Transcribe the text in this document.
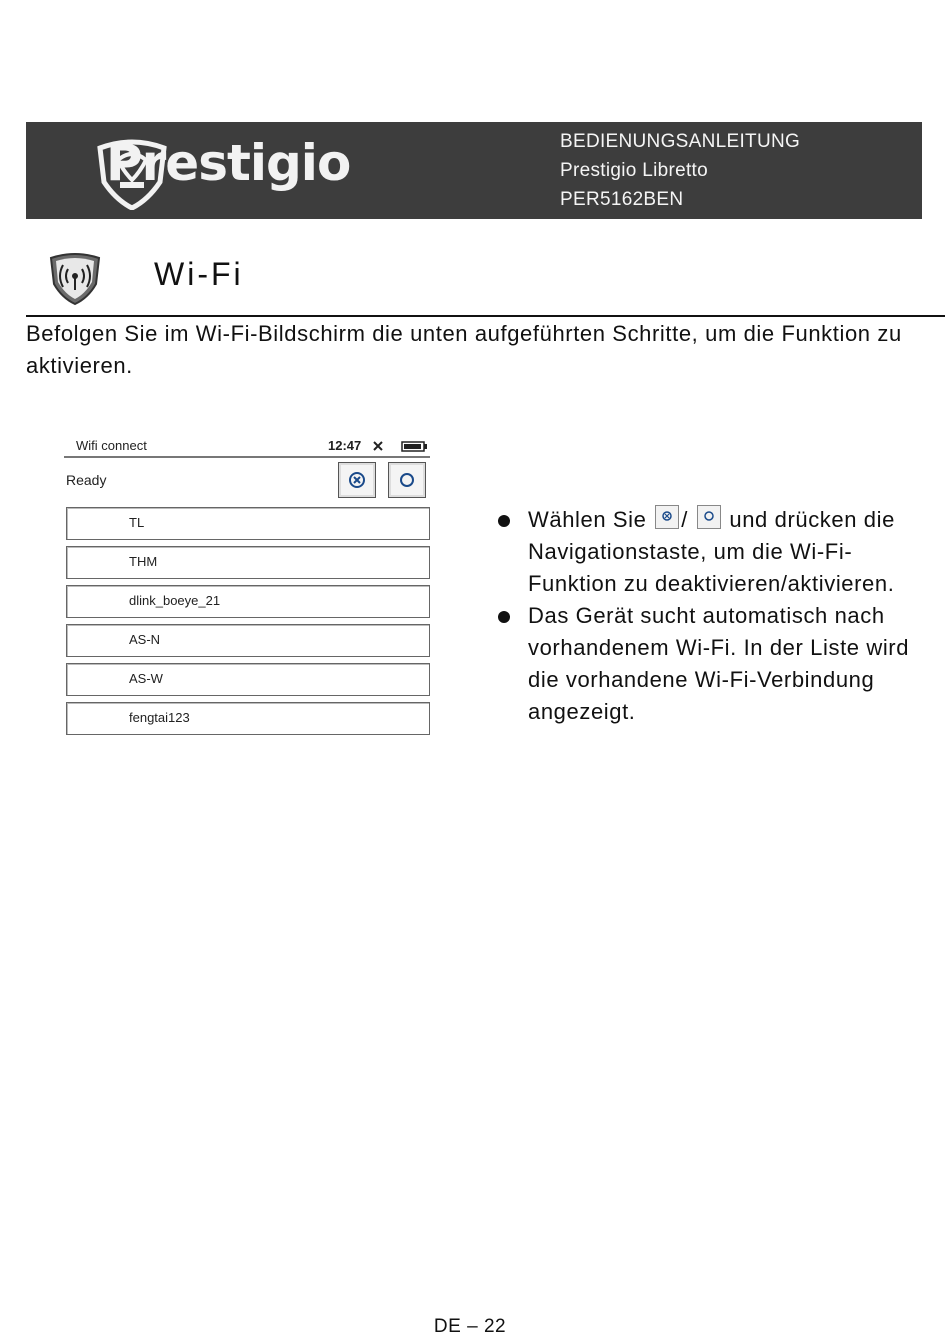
Prestigio	BEDIENUNGSANLEITUNG
Prestigio Libretto
PER5162BEN
Wi-Fi
Befolgen Sie im Wi-Fi-Bildschirm die unten aufgeführten Schritte, um die Funktion zu aktivieren.
Wifi connect	12:47
Ready
TL
THM
dlink_boeye_21
AS-N
AS-W
fengtai123
Wählen Sie / und drücken die Navigationstaste, um die Wi-Fi-Funktion zu deaktivieren/aktivieren.
Das Gerät sucht automatisch nach vorhandenem Wi-Fi. In der Liste wird die vorhandene Wi-Fi-Verbindung angezeigt.
DE – 22
